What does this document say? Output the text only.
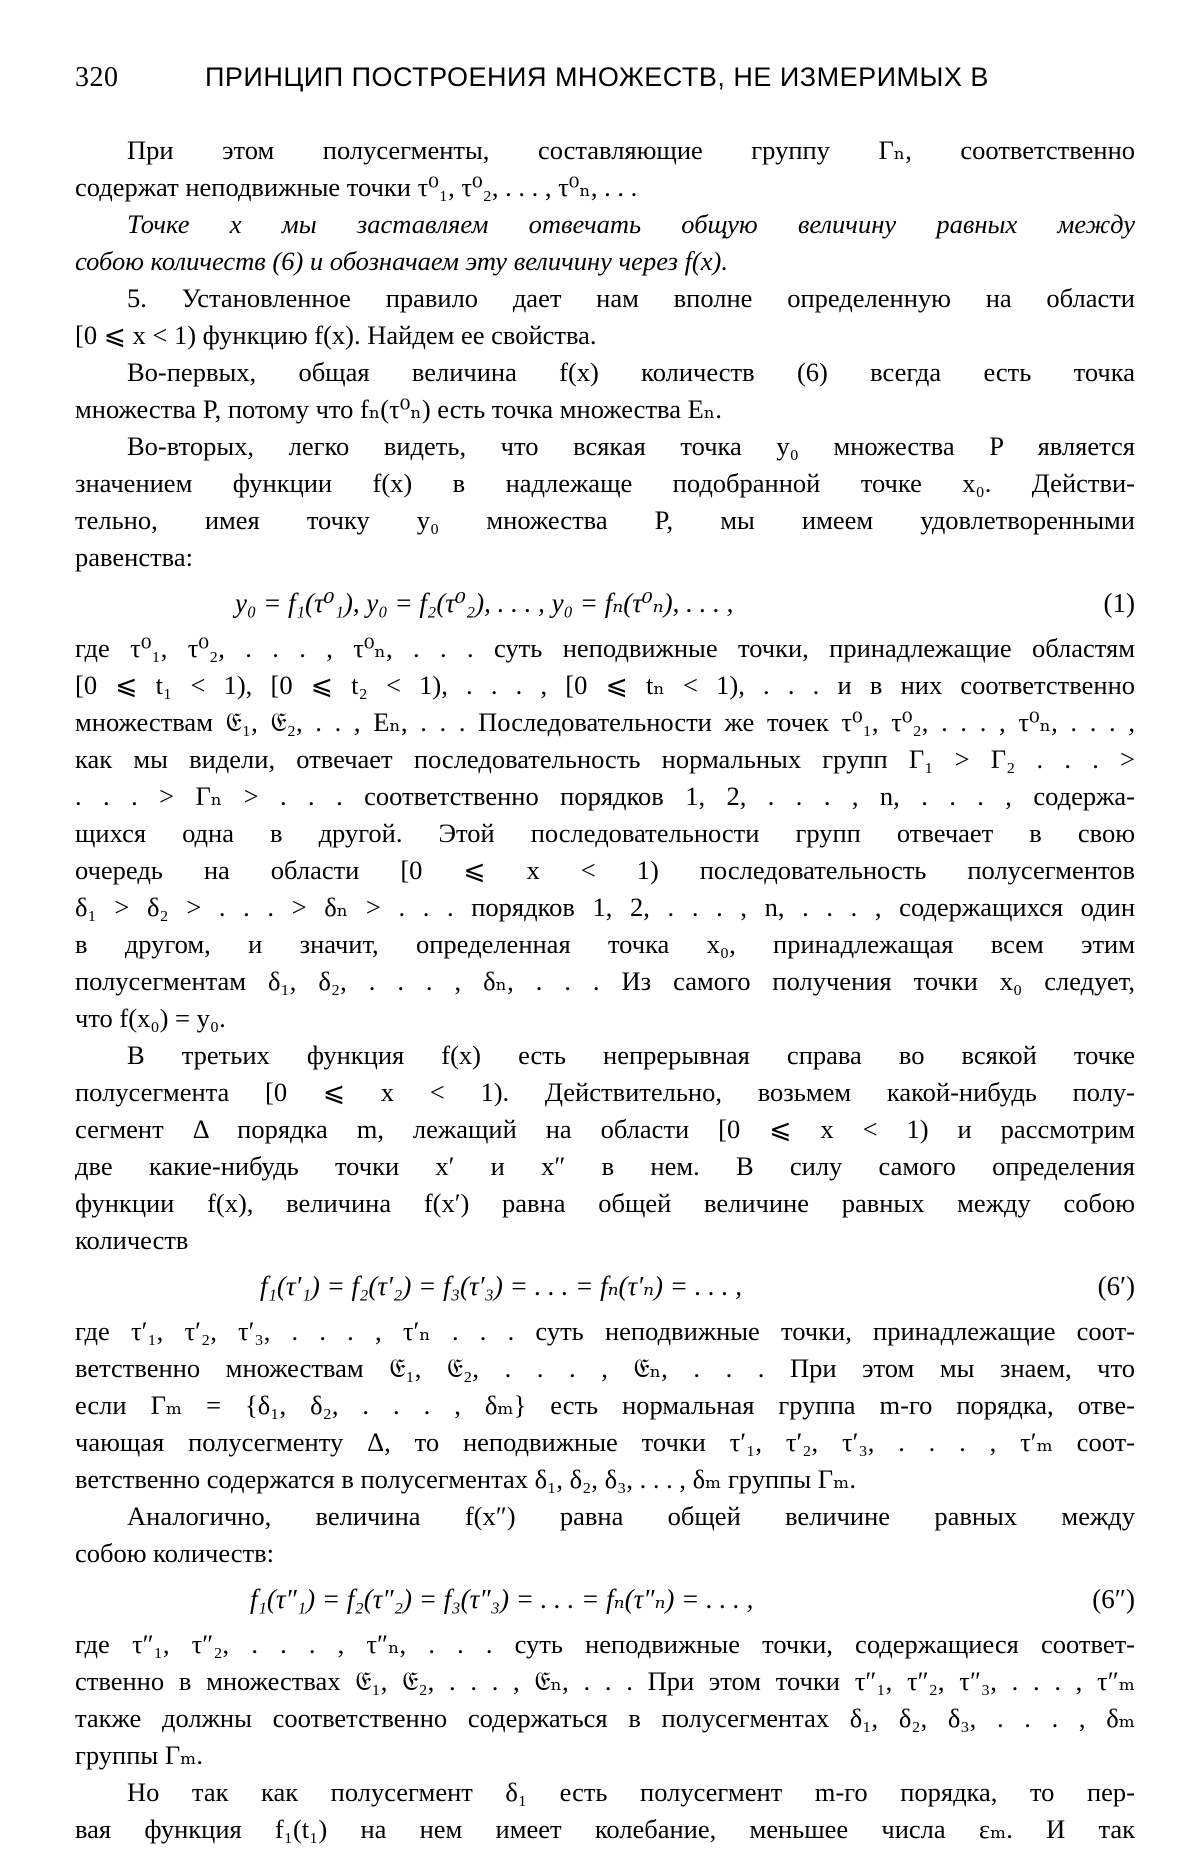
320	ПРИНЦИП ПОСТРОЕНИЯ МНОЖЕСТВ, НЕ ИЗМЕРИМЫХ В
При этом полусегменты, составляющие группу Γₙ, соответственно
содержат неподвижные точки τ⁰₁, τ⁰₂, . . . , τ⁰ₙ, . . .
Точке x мы заставляем отвечать общую величину равных между
собою количеств (6) и обозначаем эту величину через f(x).
5. Установленное правило дает нам вполне определенную на области
[0 ⩽ x < 1) функцию f(x). Найдем ее свойства.
Во-первых, общая величина f(x) количеств (6) всегда есть точка
множества P, потому что fₙ(τ⁰ₙ) есть точка множества Eₙ.
Во-вторых, легко видеть, что всякая точка y₀ множества P является
значением функции f(x) в надлежаще подобранной точке x₀. Действи-
тельно, имея точку y₀ множества P, мы имеем удовлетворенными
равенства:
y₀ = f₁(τ⁰₁), y₀ = f₂(τ⁰₂), . . . , y₀ = fₙ(τ⁰ₙ), . . . ,	(1)
где τ⁰₁, τ⁰₂, . . . , τ⁰ₙ, . . . суть неподвижные точки, принадлежащие областям
[0 ⩽ t₁ < 1), [0 ⩽ t₂ < 1), . . . , [0 ⩽ tₙ < 1), . . . и в них соответственно
множествам 𝔈₁, 𝔈₂, . . , Eₙ, . . . Последовательности же точек τ⁰₁, τ⁰₂, . . . , τ⁰ₙ, . . . ,
как мы видели, отвечает последовательность нормальных групп Γ₁ > Γ₂ . . . >
. . . > Γₙ > . . . соответственно порядков 1, 2, . . . , n, . . . , содержа-
щихся одна в другой. Этой последовательности групп отвечает в свою
очередь на области [0 ⩽ x < 1) последовательность полусегментов
δ₁ > δ₂ > . . . > δₙ > . . . порядков 1, 2, . . . , n, . . . , содержащихся один
в другом, и значит, определенная точка x₀, принадлежащая всем этим
полусегментам δ₁, δ₂, . . . , δₙ, . . . Из самого получения точки x₀ следует,
что f(x₀) = y₀.
В третьих функция f(x) есть непрерывная справа во всякой точке
полусегмента [0 ⩽ x < 1). Действительно, возьмем какой-нибудь полу-
сегмент Δ порядка m, лежащий на области [0 ⩽ x < 1) и рассмотрим
две какие-нибудь точки x′ и x″ в нем. В силу самого определения
функции f(x), величина f(x′) равна общей величине равных между собою
количеств
f₁(τ′₁) = f₂(τ′₂) = f₃(τ′₃) = . . . = fₙ(τ′ₙ) = . . . ,	(6′)
где τ′₁, τ′₂, τ′₃, . . . , τ′ₙ . . . суть неподвижные точки, принадлежащие соот-
ветственно множествам 𝔈₁, 𝔈₂, . . . , 𝔈ₙ, . . . При этом мы знаем, что
если Γₘ = {δ₁, δ₂, . . . , δₘ} есть нормальная группа m-го порядка, отве-
чающая полусегменту Δ, то неподвижные точки τ′₁, τ′₂, τ′₃, . . . , τ′ₘ соот-
ветственно содержатся в полусегментах δ₁, δ₂, δ₃, . . . , δₘ группы Γₘ.
Аналогично, величина f(x″) равна общей величине равных между
собою количеств:
f₁(τ″₁) = f₂(τ″₂) = f₃(τ″₃) = . . . = fₙ(τ″ₙ) = . . . ,	(6″)
где τ″₁, τ″₂, . . . , τ″ₙ, . . . суть неподвижные точки, содержащиеся соответ-
ственно в множествах 𝔈₁, 𝔈₂, . . . , 𝔈ₙ, . . . При этом точки τ″₁, τ″₂, τ″₃, . . . , τ″ₘ
также должны соответственно содержаться в полусегментах δ₁, δ₂, δ₃, . . . , δₘ
группы Γₘ.
Но так как полусегмент δ₁ есть полусегмент m-го порядка, то пер-
вая функция f₁(t₁) на нем имеет колебание, меньшее числа εₘ. И так
